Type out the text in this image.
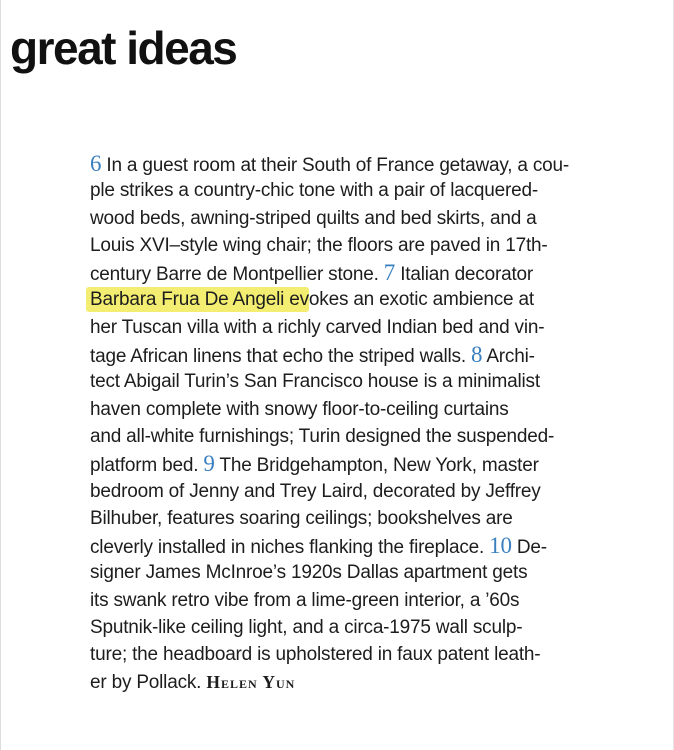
great ideas
6 In a guest room at their South of France getaway, a cou-
ple strikes a country-chic tone with a pair of lacquered-
wood beds, awning-striped quilts and bed skirts, and a
Louis XVI–style wing chair; the floors are paved in 17th-
century Barre de Montpellier stone. 7 Italian decorator
Barbara Frua De Angeli evokes an exotic ambience at
her Tuscan villa with a richly carved Indian bed and vin-
tage African linens that echo the striped walls. 8 Archi-
tect Abigail Turin’s San Francisco house is a minimalist
haven complete with snowy floor-to-ceiling curtains
and all-white furnishings; Turin designed the suspended-
platform bed. 9 The Bridgehampton, New York, master
bedroom of Jenny and Trey Laird, decorated by Jeffrey
Bilhuber, features soaring ceilings; bookshelves are
cleverly installed in niches flanking the fireplace. 10 De-
signer James McInroe’s 1920s Dallas apartment gets
its swank retro vibe from a lime-green interior, a ’60s
Sputnik-like ceiling light, and a circa-1975 wall sculp-
ture; the headboard is upholstered in faux patent leath-
er by Pollack. Helen Yun
